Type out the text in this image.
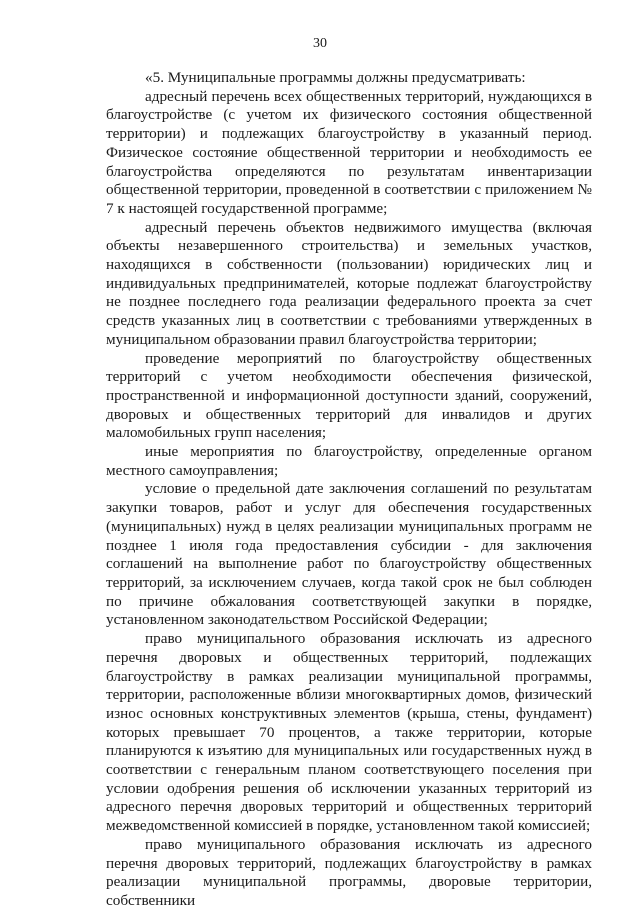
30

«5. Муниципальные программы должны предусматривать:

адресный перечень всех общественных территорий, нуждающихся в благоустройстве (с учетом их физического состояния общественной территории) и подлежащих благоустройству в указанный период. Физическое состояние общественной территории и необходимость ее благоустройства определяются по результатам инвентаризации общественной территории, проведенной в соответствии с приложением № 7 к настоящей государственной программе;

адресный перечень объектов недвижимого имущества (включая объекты незавершенного строительства) и земельных участков, находящихся в собственности (пользовании) юридических лиц и индивидуальных предпринимателей, которые подлежат благоустройству не позднее последнего года реализации федерального проекта за счет средств указанных лиц в соответствии с требованиями утвержденных в муниципальном образовании правил благоустройства территории;

проведение мероприятий по благоустройству общественных территорий с учетом необходимости обеспечения физической, пространственной и информационной доступности зданий, сооружений, дворовых и общественных территорий для инвалидов и других маломобильных групп населения;

иные мероприятия по благоустройству, определенные органом местного самоуправления;

условие о предельной дате заключения соглашений по результатам закупки товаров, работ и услуг для обеспечения государственных (муниципальных) нужд в целях реализации муниципальных программ не позднее 1 июля года предоставления субсидии - для заключения соглашений на выполнение работ по благоустройству общественных территорий, за исключением случаев, когда такой срок не был соблюден по причине обжалования соответствующей закупки в порядке, установленном законодательством Российской Федерации;

право муниципального образования исключать из адресного перечня дворовых и общественных территорий, подлежащих благоустройству в рамках реализации муниципальной программы, территории, расположенные вблизи многоквартирных домов, физический износ основных конструктивных элементов (крыша, стены, фундамент) которых превышает 70 процентов, а также территории, которые планируются к изъятию для муниципальных или государственных нужд в соответствии с генеральным планом соответствующего поселения при условии одобрения решения об исключении указанных территорий из адресного перечня дворовых территорий и общественных территорий межведомственной комиссией в порядке, установленном такой комиссией;

право муниципального образования исключать из адресного перечня дворовых территорий, подлежащих благоустройству в рамках реализации муниципальной программы, дворовые территории, собственники
